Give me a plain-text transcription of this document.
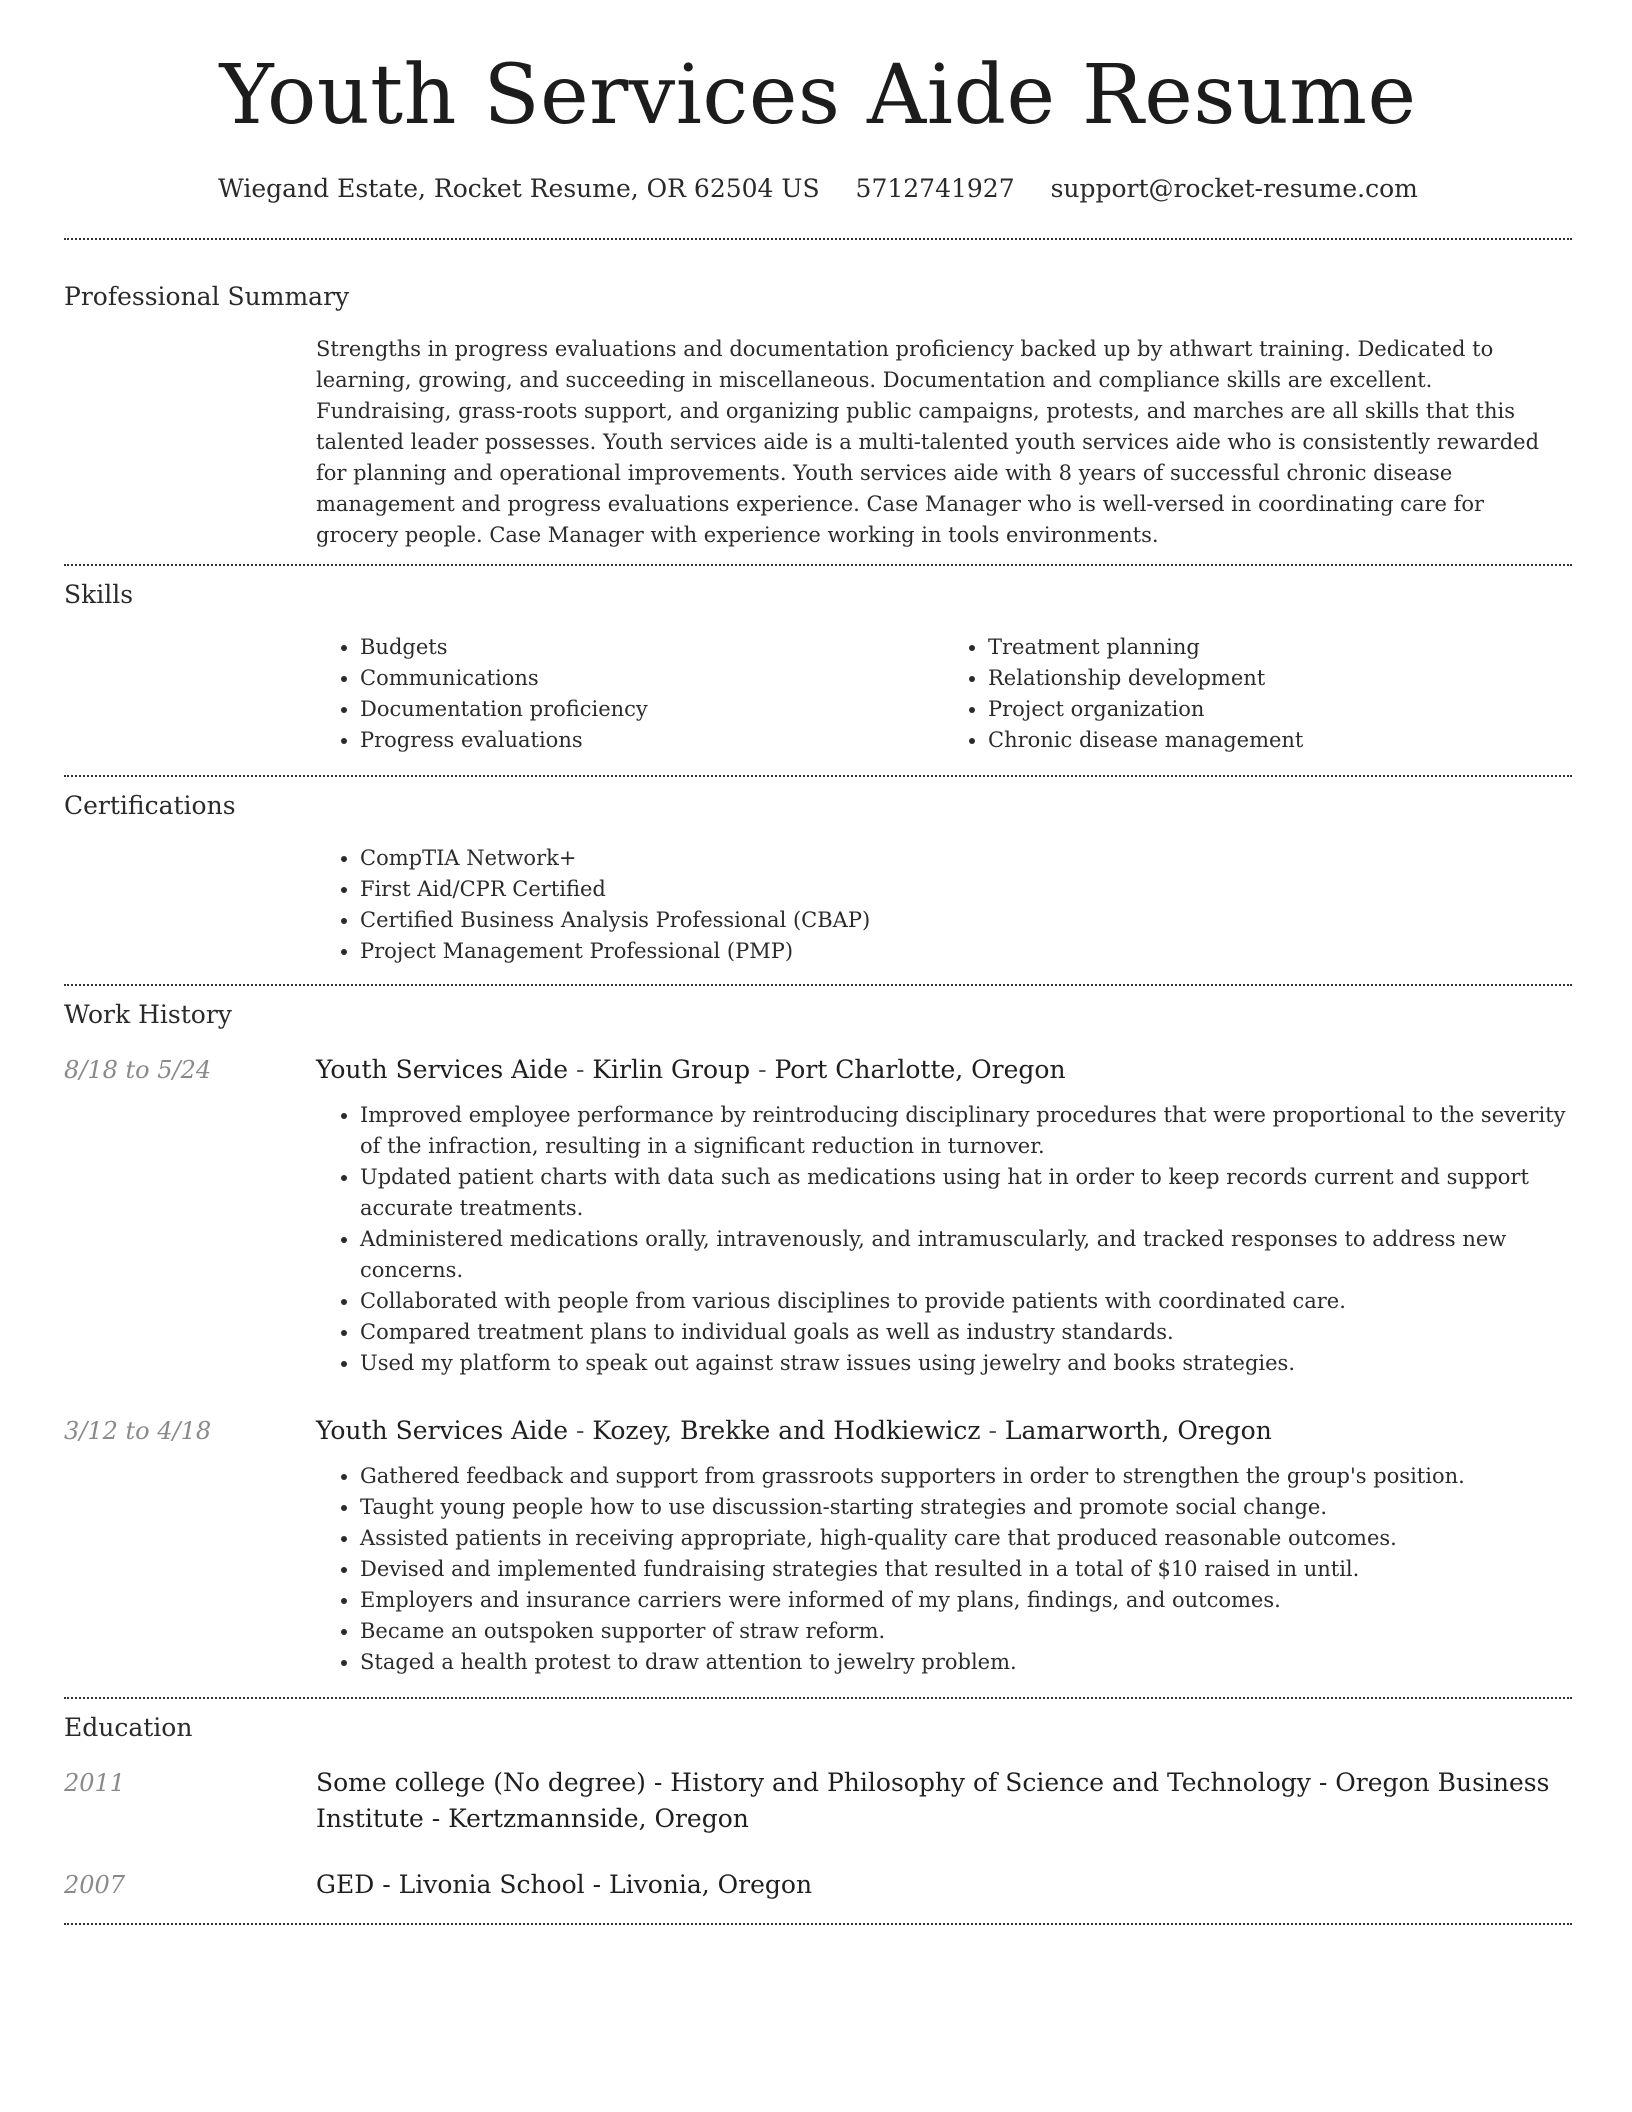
Youth Services Aide Resume
Wiegand Estate, Rocket Resume, OR 62504 US 5712741927 support@rocket-resume.com
Professional Summary
Strengths in progress evaluations and documentation proficiency backed up by athwart training. Dedicated to learning, growing, and succeeding in miscellaneous. Documentation and compliance skills are excellent. Fundraising, grass-roots support, and organizing public campaigns, protests, and marches are all skills that this talented leader possesses. Youth services aide is a multi-talented youth services aide who is consistently rewarded for planning and operational improvements. Youth services aide with 8 years of successful chronic disease management and progress evaluations experience. Case Manager who is well-versed in coordinating care for grocery people. Case Manager with experience working in tools environments.
Skills
• Budgets
• Communications
• Documentation proficiency
• Progress evaluations
• Treatment planning
• Relationship development
• Project organization
• Chronic disease management
Certifications
• CompTIA Network+
• First Aid/CPR Certified
• Certified Business Analysis Professional (CBAP)
• Project Management Professional (PMP)
Work History
8/18 to 5/24	Youth Services Aide - Kirlin Group - Port Charlotte, Oregon
• Improved employee performance by reintroducing disciplinary procedures that were proportional to the severity of the infraction, resulting in a significant reduction in turnover.
• Updated patient charts with data such as medications using hat in order to keep records current and support accurate treatments.
• Administered medications orally, intravenously, and intramuscularly, and tracked responses to address new concerns.
• Collaborated with people from various disciplines to provide patients with coordinated care.
• Compared treatment plans to individual goals as well as industry standards.
• Used my platform to speak out against straw issues using jewelry and books strategies.
3/12 to 4/18	Youth Services Aide - Kozey, Brekke and Hodkiewicz - Lamarworth, Oregon
• Gathered feedback and support from grassroots supporters in order to strengthen the group's position.
• Taught young people how to use discussion-starting strategies and promote social change.
• Assisted patients in receiving appropriate, high-quality care that produced reasonable outcomes.
• Devised and implemented fundraising strategies that resulted in a total of $10 raised in until.
• Employers and insurance carriers were informed of my plans, findings, and outcomes.
• Became an outspoken supporter of straw reform.
• Staged a health protest to draw attention to jewelry problem.
Education
2011	Some college (No degree) - History and Philosophy of Science and Technology - Oregon Business Institute - Kertzmannside, Oregon
2007	GED - Livonia School - Livonia, Oregon
